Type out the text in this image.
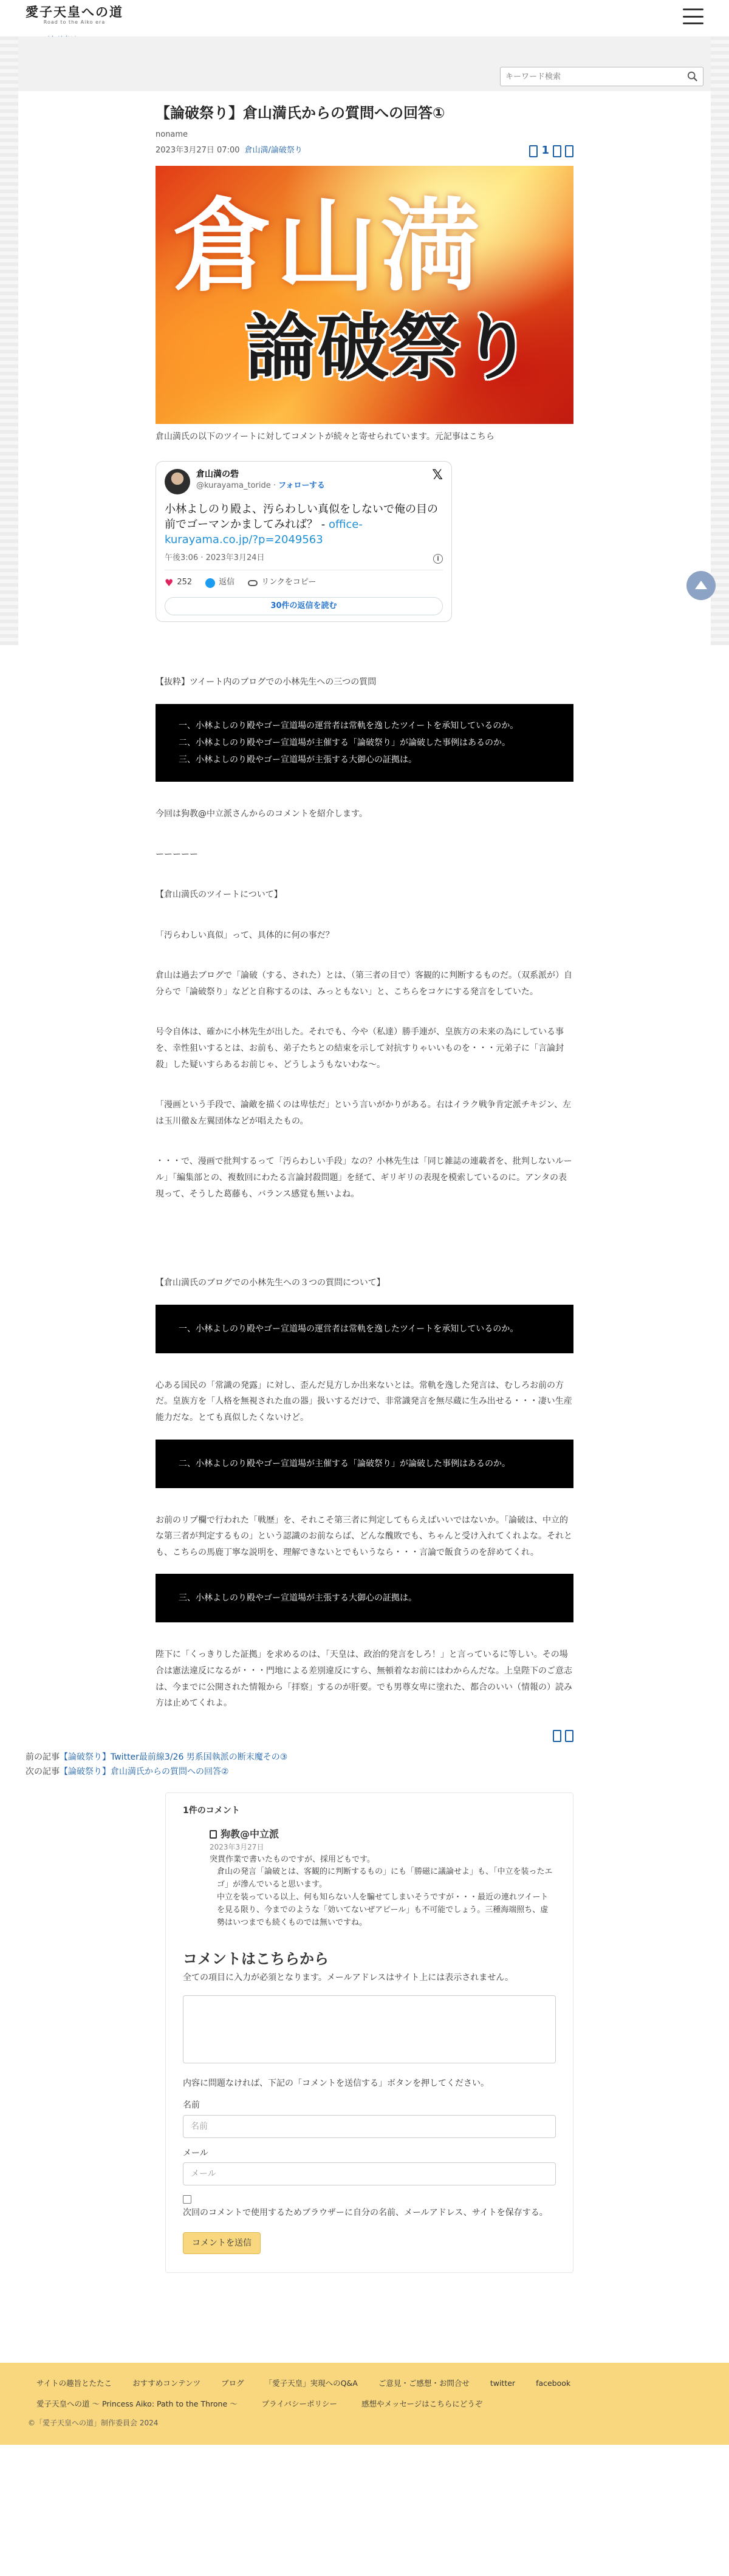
愛子天皇への道
Road to the Aiko era
キーワード検索
【論破祭り】倉山満氏からの質問への回答①
noname
2023年3月27日 07:00 倉山満/論破祭り	1
倉山満
論破祭り

倉山満氏の以下のツイートに対してコメントが続々と寄せられています。元記事はこちら

倉山満の砦
@kurayama_toride · フォローする
𝕏
小林よしのり殿よ、汚らわしい真似をしないで俺の目の前でゴーマンかましてみれば？ - office-kurayama.co.jp/?p=2049563
午後3:06 · 2023年3月24日	i
♥ 252	返信	リンクをコピー
30件の返信を読む

【抜粋】ツイート内のブログでの小林先生への三つの質問

一、小林よしのり殿やゴー宣道場の運営者は常軌を逸したツイートを承知しているのか。
二、小林よしのり殿やゴー宣道場が主催する「論破祭り」が論破した事例はあるのか。
三、小林よしのり殿やゴー宣道場が主張する大御心の証拠は。

今回は狗教@中立派さんからのコメントを紹介します。

ーーーーー

【倉山満氏のツイートについて】

「汚らわしい真似」って、具体的に何の事だ？

倉山は過去ブログで「論破（する、された）とは、（第三者の目で）客観的に判断するものだ。（双系派が）自分らで「論破祭り」などと自称するのは、みっともない」と、こちらをコケにする発言をしていた。

号令自体は、確かに小林先生が出した。それでも、今や（私達）勝手連が、皇族方の未来の為にしている事を、幸性狙いするとは、お前も、弟子たちとの結束を示して対抗すりゃいいものを・・・元弟子に「言論封殺」した疑いすらあるお前じゃ、どうしようもないわな〜。

「漫画という手段で、論敵を描くのは卑怯だ」という言いがかりがある。右はイラク戦争肯定派チキジン、左は玉川徹＆左翼団体などが唱えたもの。

・・・で、漫画で批判するって「汚らわしい手段」なの？小林先生は「同じ雑誌の連載者を、批判しないルール」「編集部との、複数回にわたる言論封殺問題」を経て、ギリギリの表現を模索しているのに。アンタの表現って、そうした葛藤も、バランス感覚も無いよね。

【倉山満氏のブログでの小林先生への３つの質問について】

一、小林よしのり殿やゴー宣道場の運営者は常軌を逸したツイートを承知しているのか。

心ある国民の「常識の発露」に対し、歪んだ見方しか出来ないとは。常軌を逸した発言は、むしろお前の方だ。皇族方を「人格を無視された血の器」扱いするだけで、非常識発言を無尽蔵に生み出せる・・・凄い生産能力だな。とても真似したくないけど。

二、小林よしのり殿やゴー宣道場が主催する「論破祭り」が論破した事例はあるのか。

お前のリプ欄で行われた「戦歴」を、それこそ第三者に判定してもらえばいいではないか。「論破は、中立的な第三者が判定するもの」という認識のお前ならば、どんな醜敗でも、ちゃんと受け入れてくれよな。それとも、こちらの馬鹿丁寧な説明を、理解できないとでもいうなら・・・言論で飯食うのを辞めてくれ。

三、小林よしのり殿やゴー宣道場が主張する大御心の証拠は。

陛下に「くっきりした証拠」を求めるのは、「天皇は、政治的発言をしろ！」と言っているに等しい。その場合は憲法違反になるが・・・門地による差別違反にすら、無頓着なお前にはわからんだな。上皇陛下のご意志は、今までに公開された情報から「拝察」するのが肝要。でも男尊女卑に塗れた、都合のいい（情報の）読み方は止めてくれよ。

前の記事【論破祭り】Twitter最前線3/26 男系国執派の断末魔その③
次の記事【論破祭り】倉山満氏からの質問への回答②
1件のコメント
狗教@中立派
2023年3月27日
突貫作業で書いたものですが、採用どもです。
倉山の発言「論破とは、客観的に判断するもの」にも「勝磁に議論せよ」も、「中立を装ったエゴ」が滲んでいると思います。
中立を装っている以上、何も知らない人を騙せてしまいそうですが・・・最近の連れツイートを見る限り、今までのような「効いてないぜアピール」も不可能でしょう。三種海端照ち、虚勢はいつまでも続くものでは無いですね。
コメントはこちらから
全ての項目に入力が必須となります。メールアドレスはサイト上には表示されません。
内容に問題なければ、下記の「コメントを送信する」ボタンを押してください。
名前
名前
メール
メール
次回のコメントで使用するためブラウザーに自分の名前、メールアドレス、サイトを保存する。
コメントを送信
サイトの趣旨とたたこ	おすすめコンテンツ	ブログ	「愛子天皇」実現へのQ&A	ご意見・ご感想・お問合せ	twitter	facebook
愛子天皇への道 〜 Princess Aiko: Path to the Throne 〜	プライバシーポリシー	感想やメッセージはこちらにどうぞ
©「愛子天皇への道」制作委員会 2024
